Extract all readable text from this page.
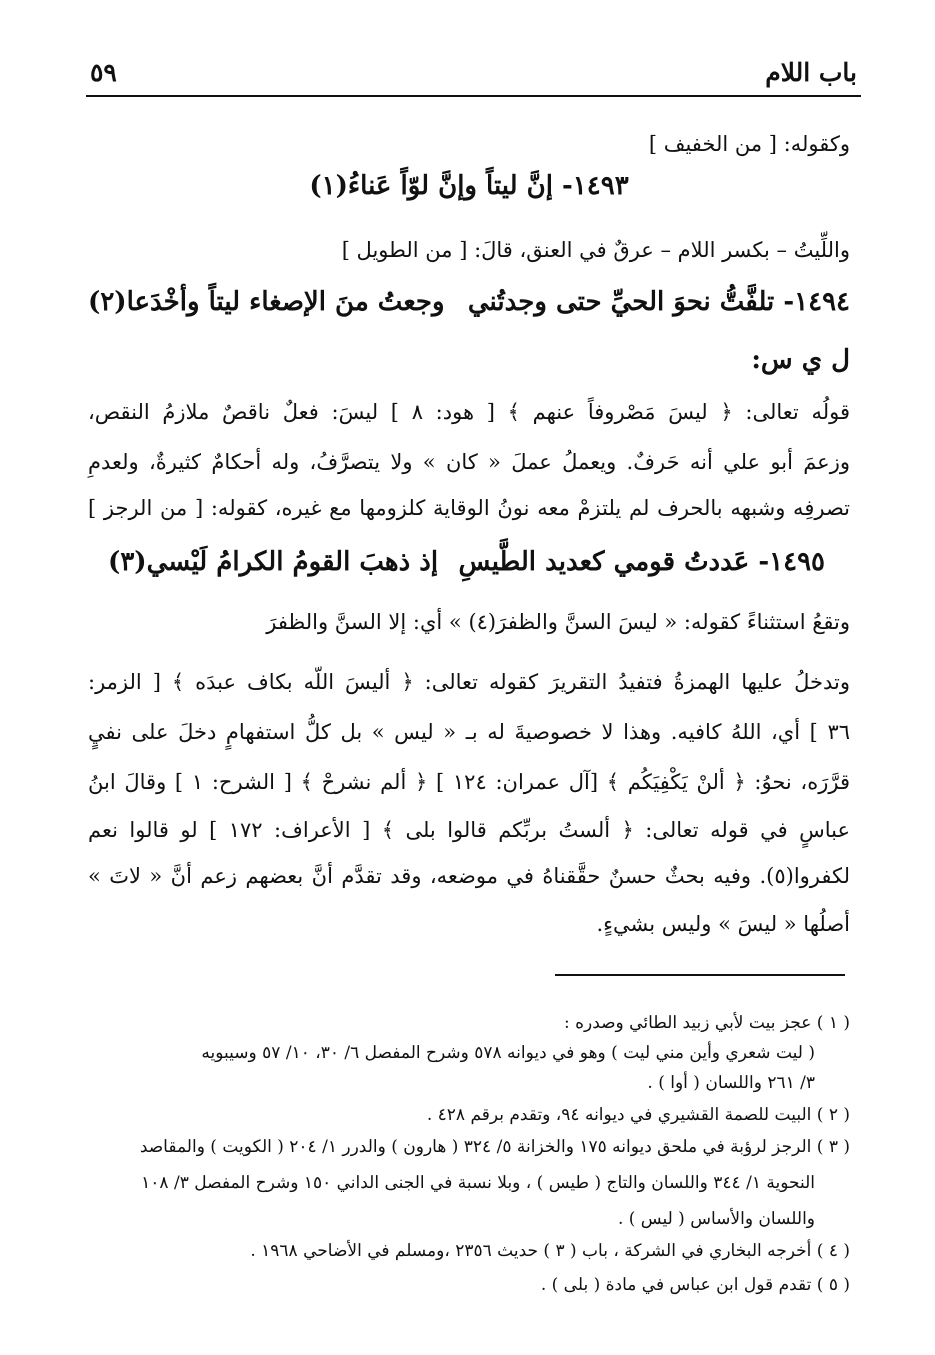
باب اللام
٥٩
وكقوله: [ من الخفيف ]
١٤٩٣- إنَّ ليتاً وإنَّ لوّاً عَناءُ(١)
واللِّيتُ – بكسر اللام – عرقٌ في العنق، قالَ: [ من الطويل ]
١٤٩٤- تلفَّتُّ نحوَ الحيِّ حتى وجدتُني
وجعتُ منَ الإصغاء ليتاً وأخْدَعا(٢)
ل ي س:
قولُه تعالى: ﴿ ليسَ مَصْروفاً عنهم ﴾ [ هود: ٨ ] ليسَ: فعلٌ ناقصٌ ملازمُ النقص،
وزعمَ أبو علي أنه حَرفٌ. ويعملُ عملَ « كان » ولا يتصرَّفُ، وله أحكامٌ كثيرةٌ، ولعدمِ
تصرفِه وشبهه بالحرف لم يلتزمْ معه نونُ الوقاية كلزومها مع غيره، كقوله: [ من الرجز ]
١٤٩٥- عَددتُ قومي كعديد الطَّيسِ
إذ ذهبَ القومُ الكرامُ لَيْسي(٣)
وتقعُ استثناءً كقوله: « ليسَ السنَّ والظفرَ(٤) » أي: إلا السنَّ والظفرَ
وتدخلُ عليها الهمزةُ فتفيدُ التقريرَ كقوله تعالى: ﴿ أليسَ اللّه بكاف عبدَه ﴾ [ الزمر:
٣٦ ] أي، اللهُ كافيه. وهذا لا خصوصيةَ له بـ « ليس » بل كلُّ استفهامٍ دخلَ على نفيٍ
قرَّرَه، نحوُ: ﴿ ألنْ يَكْفِيَكُم ﴾ [آل عمران: ١٢٤ ] ﴿ ألم نشرحْ ﴾ [ الشرح: ١ ] وقالَ ابنُ
عباسٍ في قوله تعالى: ﴿ ألستُ بربِّكم قالوا بلى ﴾ [ الأعراف: ١٧٢ ] لو قالوا نعم
لكفروا(٥). وفيه بحثٌ حسنٌ حقَّقناهُ في موضعه، وقد تقدَّم أنَّ بعضهم زعم أنَّ « لاتَ »
أصلُها « ليسَ » وليس بشيءٍ.
( ١ ) عجز بيت لأبي زبيد الطائي وصدره :
( ليت شعري وأين مني ليت ) وهو في ديوانه ٥٧٨ وشرح المفصل ٦/ ٣٠، ١٠/ ٥٧ وسيبويه
٣/ ٢٦١ واللسان ( أوا ) .
( ٢ ) البيت للصمة القشيري في ديوانه ٩٤، وتقدم برقم ٤٢٨ .
( ٣ ) الرجز لرؤبة في ملحق ديوانه ١٧٥ والخزانة ٥/ ٣٢٤ ( هارون ) والدرر ١/ ٢٠٤ ( الكويت ) والمقاصد
النحوية ١/ ٣٤٤ واللسان والتاج ( طيس ) ، وبلا نسبة في الجنى الداني ١٥٠ وشرح المفصل ٣/ ١٠٨
واللسان والأساس ( ليس ) .
( ٤ ) أخرجه البخاري في الشركة ، باب ( ٣ ) حديث ٢٣٥٦ ،ومسلم في الأضاحي ١٩٦٨ .
( ٥ ) تقدم قول ابن عباس في مادة ( بلى ) .
